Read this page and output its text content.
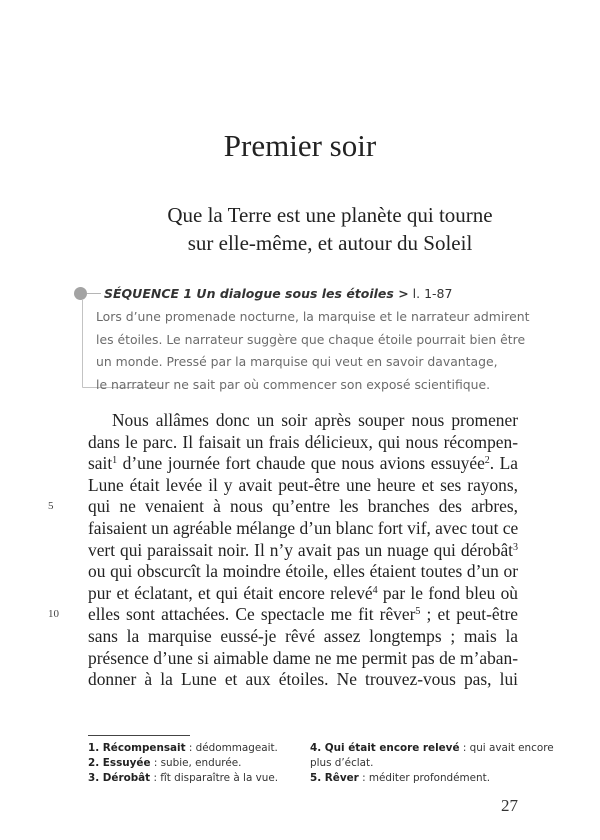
Premier soir
Que la Terre est une planète qui tourne
sur elle-même, et autour du Soleil
SÉQUENCE 1 Un dialogue sous les étoiles > l. 1-87
Lors d’une promenade nocturne, la marquise et le narrateur admirent
les étoiles. Le narrateur suggère que chaque étoile pourrait bien être
un monde. Pressé par la marquise qui veut en savoir davantage,
le narrateur ne sait par où commencer son exposé scientifique.
Nous allâmes donc un soir après souper nous promener
dans le parc. Il faisait un frais délicieux, qui nous récompen-
sait$^1$ d’une journée fort chaude que nous avions essuyée$^2$. La
Lune était levée il y avait peut-être une heure et ses rayons,
qui ne venaient à nous qu’entre les branches des arbres,
5
faisaient un agréable mélange d’un blanc fort vif, avec tout ce
vert qui paraissait noir. Il n’y avait pas un nuage qui dérobât$^3$
ou qui obscurcît la moindre étoile, elles étaient toutes d’un or
pur et éclatant, et qui était encore relevé$^4$ par le fond bleu où
elles sont attachées. Ce spectacle me fit rêver$^5$ ; et peut-être
10
sans la marquise eussé-je rêvé assez longtemps ; mais la
présence d’une si aimable dame ne me permit pas de m’aban-
donner à la Lune et aux étoiles. Ne trouvez-vous pas, lui
1. Récompensait : dédommageait.
2. Essuyée : subie, endurée.
3. Dérobât : fît disparaître à la vue.
4. Qui était encore relevé : qui avait encore
plus d’éclat.
5. Rêver : méditer profondément.
27
